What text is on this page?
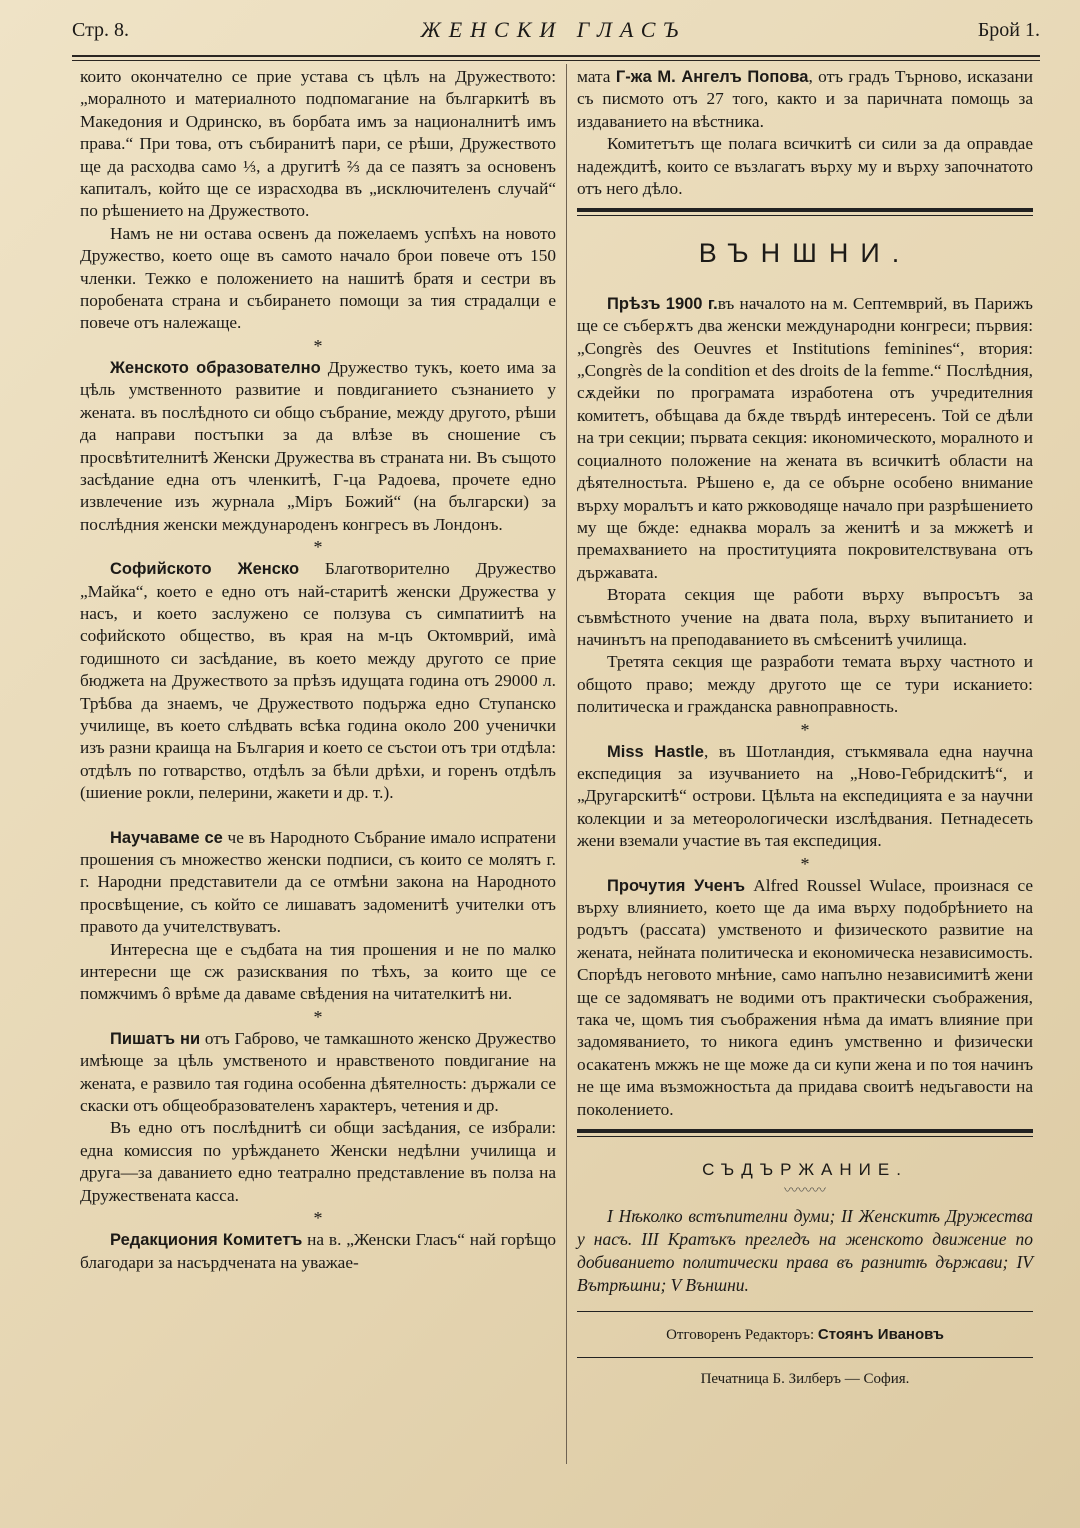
Стр. 8.	ЖЕНСКИ ГЛАСЪ	Брой 1.

които окончателно се прие устава съ цѣлъ на Дружеството: „моралното и материалното подпомагание на българкитѣ въ Македония и Одринско, въ борбата имъ за националнитѣ имъ права.“ При това, отъ събиранитѣ пари, се рѣши, Дружеството ще да расходва само ⅓, а другитѣ ⅔ да се пазятъ за основенъ капиталъ, който ще се израсходва въ „исключителенъ случай“ по рѣшението на Дружеството.

Намъ не ни остава освенъ да пожелаемъ успѣхъ на новото Дружество, което още въ самото начало брои повече отъ 150 членки. Тежко е положението на нашитѣ братя и сестри въ поробената страна и събирането помощи за тия страдалци е повече отъ належаще.

*

Женското образователно Дружество тукъ, което има за цѣль умственното развитие и повдиганието съзнанието у жената. въ послѣдното си общо събрание, между другото, рѣши да направи постъпки за да влѣзе въ сношение съ просвѣтителнитѣ Женски Дружества въ страната ни. Въ същото засѣдание една отъ членкитѣ, Г-ца Радоева, прочете едно извлечение изъ журнала „Міръ Божий“ (на български) за послѣдния женски международенъ конгресъ въ Лондонъ.

*

Софийското Женско Благотворително Дружество „Майка“, което е едно отъ най-старитѣ женски Дружества у насъ, и което заслужено се ползува съ симпатиитѣ на софийското общество, въ края на м-цъ Октомврий, имà годишното си засѣдание, въ което между другото се прие бюджета на Дружеството за прѣзъ идущата година отъ 29000 л. Трѣбва да знаемъ, че Дружеството подържа едно Ступанско училище, въ което слѣдвать всѣка година около 200 ученички изъ разни краища на България и което се състои отъ три отдѣла: отдѣлъ по готварство, отдѣлъ за бѣли дрѣхи, и горенъ отдѣлъ (шиение рокли, пелерини, жакети и др. т.).

Научаваме се че въ Народното Събрание имало испратени прошения съ множество женски подписи, съ които се молятъ г. г. Народни представители да се отмѣни закона на Народното просвѣщение, съ който се лишаватъ задоменитѣ учителки отъ правото да учителствуватъ.

Интересна ще е съдбата на тия прошения и не по малко интересни ще сж разисквания по тѣхъ, за които ще се помжчимъ ô врѣме да даваме свѣдения на читателкитѣ ни.

*

Пишатъ ни отъ Габрово, че тамкашното женско Дружество имѣюще за цѣль умственото и нравственото повдигание на жената, е развило тая година особенна дѣятелность: държали се скаски отъ общеобразователенъ характеръ, четения и др.

Въ едно отъ послѣднитѣ си общи засѣдания, се избрали: една комиссия по урѣждането Женски недѣлни училища и друга—за даванието едно театрално представление въ полза на Дружествената касса.

*

Редакциония Комитетъ на в. „Женски Гласъ“ най горѣщо благодари за насърдчената на уважае-

мата Г-жа М. Ангелъ Попова, отъ градъ Търново, исказани съ писмото отъ 27 того, както и за паричната помощь за издаванието на вѣстника.

Комитетътъ ще полага всичкитѣ си сили за да оправдае надеждитѣ, които се възлагатъ върху му и върху започнатото отъ него дѣло.

ВЪНШНИ.

Прѣзъ 1900 г.въ началото на м. Септемврий, въ Парижъ ще се съберѫтъ два женски международни конгреси; първия: „Congrès des Oeuvres et Institutions feminines“, втория: „Congrès de la condition et des droits de la femme.“ Послѣдния, сѫдейки по програмата изработена отъ учредителния комитетъ, обѣщава да бѫде твърдѣ интересенъ. Той се дѣли на три секции; първата секция: икономическото, моралното и социалното положение на жената въ всичкитѣ области на дѣятелностьта. Рѣшено е, да се обърне особено внимание върху моралътъ и като ржководяще начало при разрѣшението му ще бжде: еднаква моралъ за женитѣ и за мжжетѣ и премахванието на проституцията покровителствувана отъ държавата.

Втората секция ще работи върху въпросътъ за съвмѣстното учение на двата пола, върху въпитанието и начинътъ на преподаванието въ смѣсенитѣ училища.

Третята секция ще разработи темата върху частното и общото право; между другото ще се тури исканието: политическа и гражданска равноправность.

*

Miss Hastle, въ Шотландия, стъкмявала една научна експедиция за изучванието на „Ново-Гебридскитѣ“, и „Другарскитѣ“ острови. Цѣльта на експедицията е за научни колекции и за метеорологически изслѣдвания. Петнадесеть жени вземали участие въ тая експедиция.

*

Прочутия Ученъ Alfred Roussel Wulace, произнася се върху влиянието, което ще да има върху подобрѣнието на родътъ (рассата) умственото и физическото развитие на жената, нейната политическа и економическа независимость. Спорѣдъ неговото мнѣние, само напълно независимитѣ жени ще се задомяватъ не водими отъ практически съображения, така че, щомъ тия съображения нѣма да иматъ влияние при задомяванието, то никога единъ умственно и физически осакатенъ мжжъ не ще може да си купи жена и по тоя начинъ не ще има възможностьта да придава своитѣ недъгавости на поколението.

СЪДЪРЖАНИЕ.
〰〰〰

I Нѣколко встъпителни думи; II Женскитѣ Дружества у насъ. III Кратъкъ прегледъ на женското движение по добиванието политически права въ разнитѣ държави; IV Вътрѣшни; V Външни.

Отговоренъ Редакторъ: Стоянъ Ивановъ
Печатница Б. Зилберъ — София.
